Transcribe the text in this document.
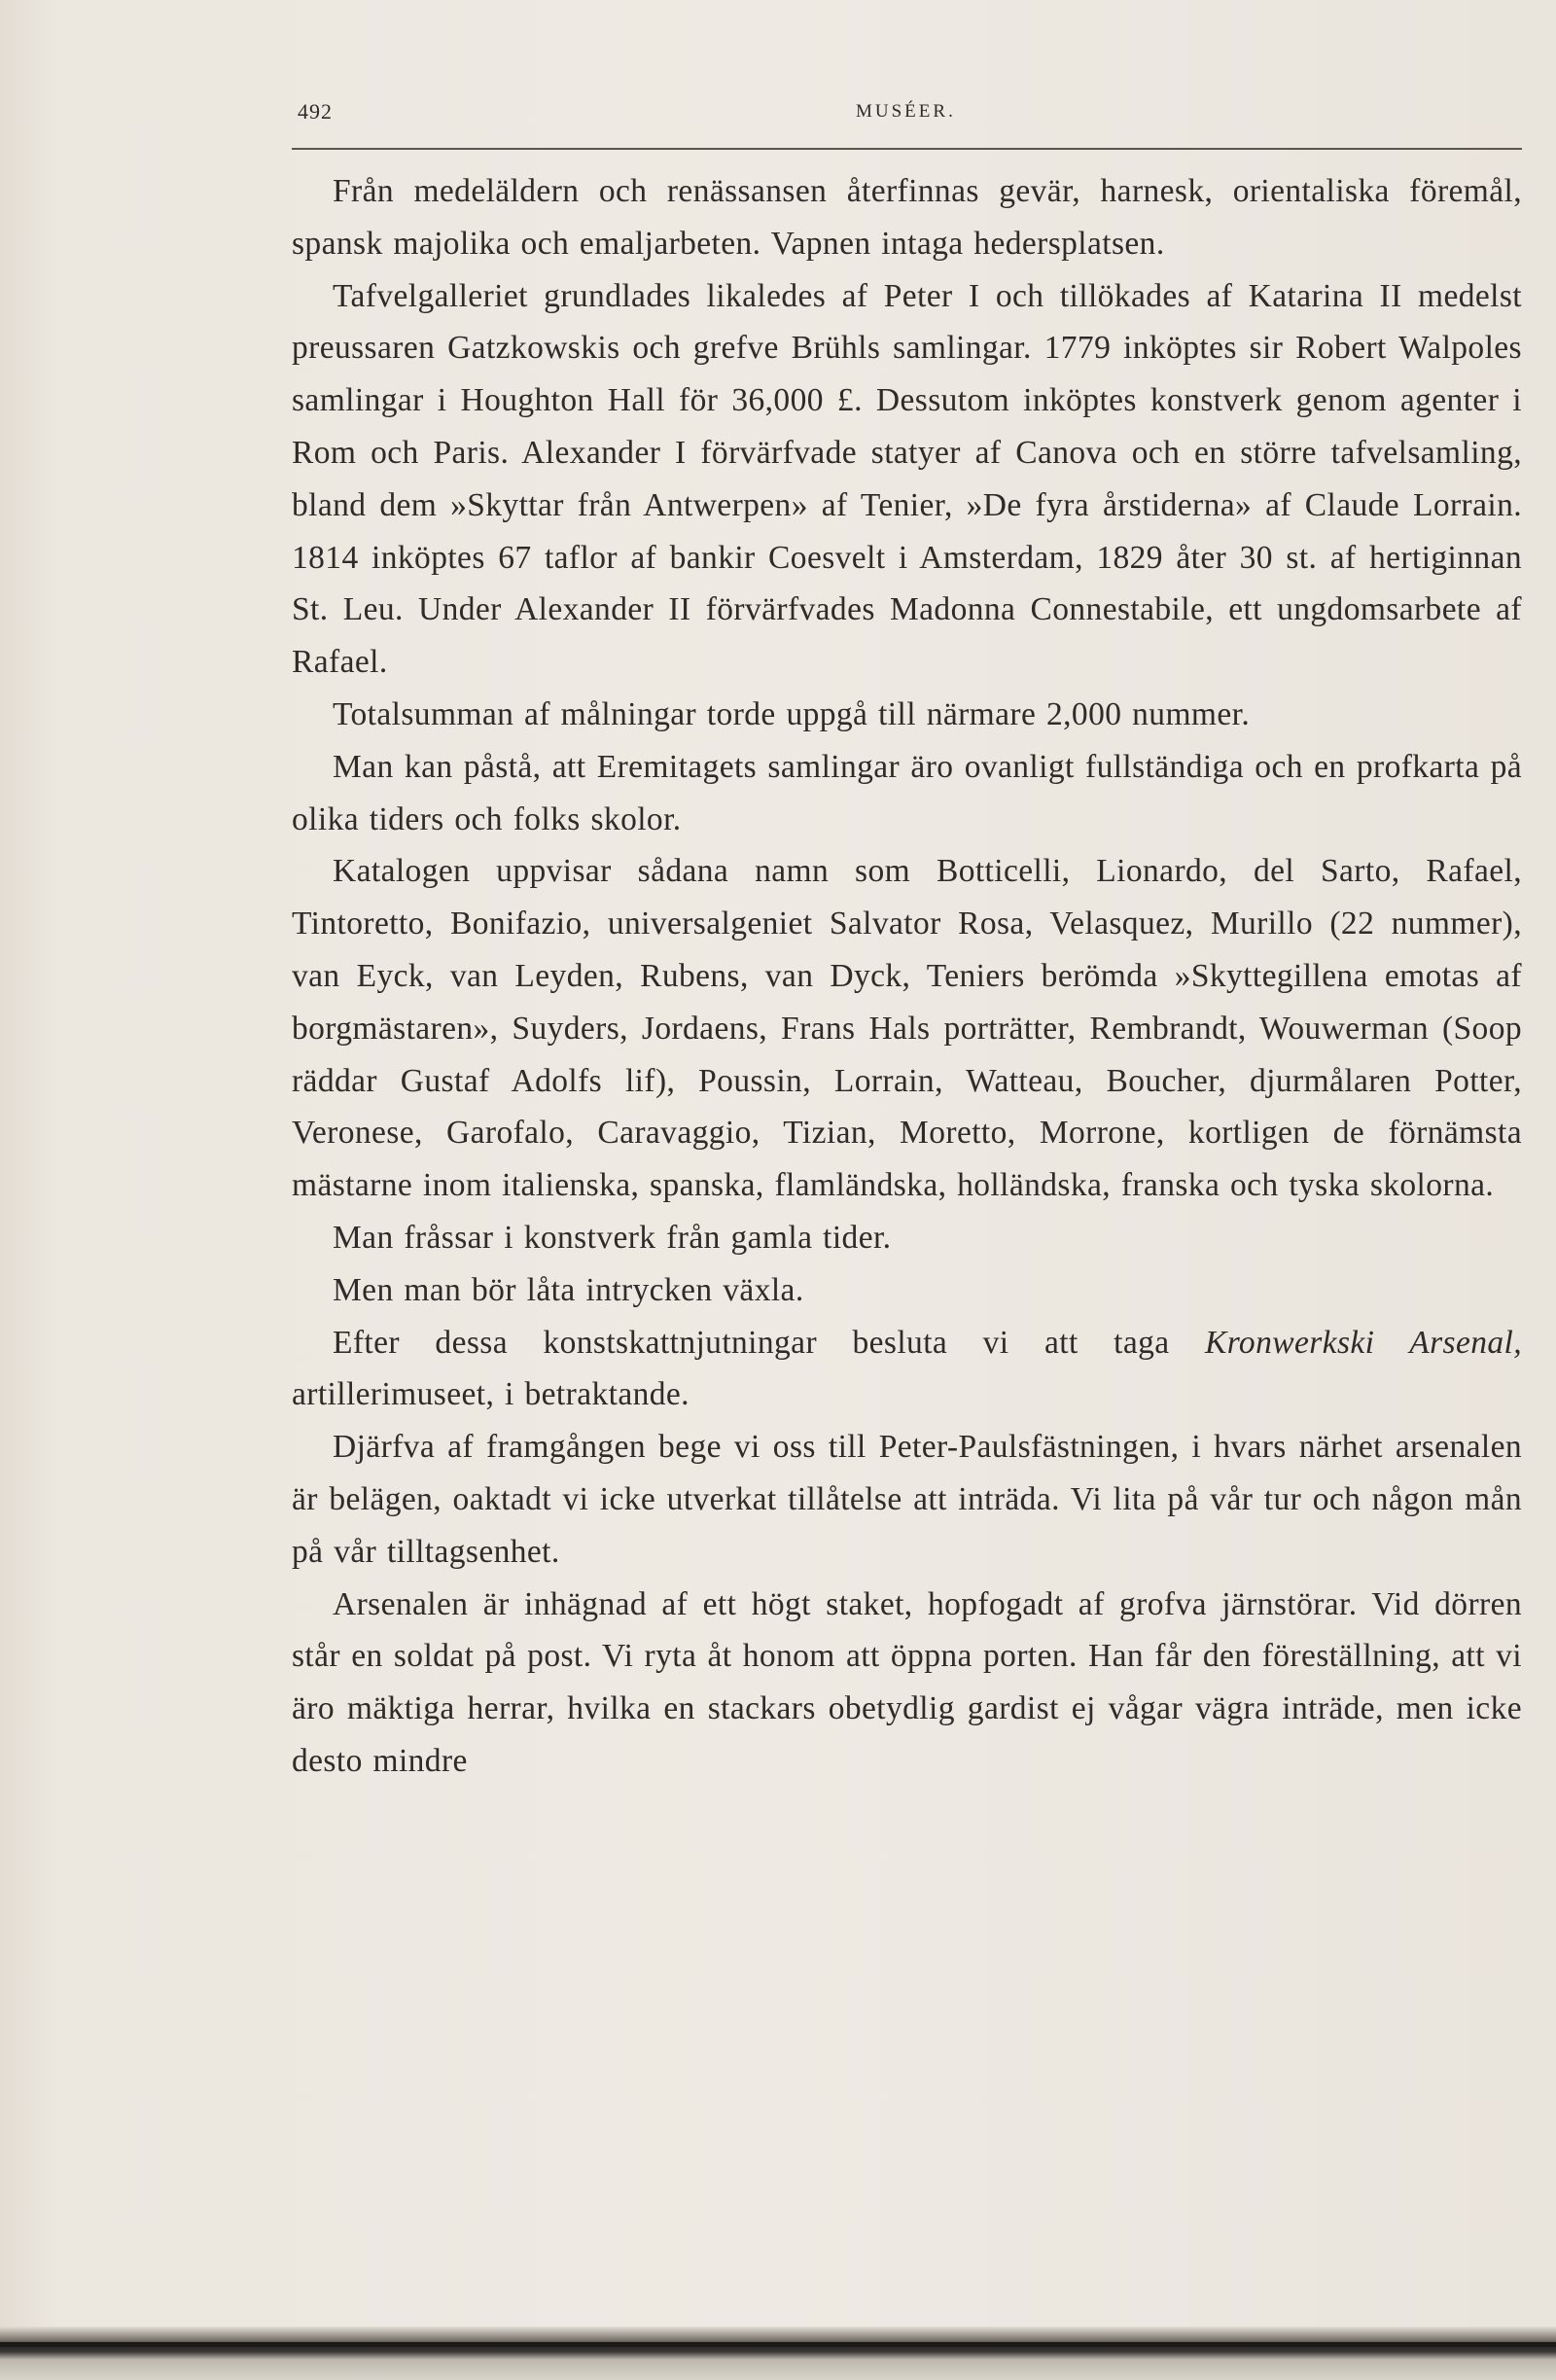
492	MUSÉER.

Från medeläldern och renässansen återfinnas gevär, harnesk, orientaliska föremål, spansk majolika och emaljarbeten. Vapnen intaga hedersplatsen.

Tafvelgalleriet grundlades likaledes af Peter I och tillökades af Katarina II medelst preussaren Gatzkowskis och grefve Brühls samlingar. 1779 inköptes sir Robert Walpoles samlingar i Houghton Hall för 36,000 £. Dessutom inköptes konstverk genom agenter i Rom och Paris. Alexander I förvärfvade statyer af Canova och en större tafvelsamling, bland dem »Skyttar från Antwerpen» af Tenier, »De fyra årstiderna» af Claude Lorrain. 1814 inköptes 67 taflor af bankir Coesvelt i Amsterdam, 1829 åter 30 st. af hertiginnan St. Leu. Under Alexander II förvärfvades Madonna Connestabile, ett ungdomsarbete af Rafael.

Totalsumman af målningar torde uppgå till närmare 2,000 nummer.

Man kan påstå, att Eremitagets samlingar äro ovanligt fullständiga och en profkarta på olika tiders och folks skolor.

Katalogen uppvisar sådana namn som Botticelli, Lionardo, del Sarto, Rafael, Tintoretto, Bonifazio, universalgeniet Salvator Rosa, Velasquez, Murillo (22 nummer), van Eyck, van Leyden, Rubens, van Dyck, Teniers berömda »Skyttegillena emotas af borgmästaren», Suyders, Jordaens, Frans Hals porträtter, Rembrandt, Wouwerman (Soop räddar Gustaf Adolfs lif), Poussin, Lorrain, Watteau, Boucher, djurmålaren Potter, Veronese, Garofalo, Caravaggio, Tizian, Moretto, Morrone, kortligen de förnämsta mästarne inom italienska, spanska, flamländska, holländska, franska och tyska skolorna.

Man fråssar i konstverk från gamla tider.

Men man bör låta intrycken växla.

Efter dessa konstskattnjutningar besluta vi att taga Kronwerkski Arsenal, artillerimuseet, i betraktande.

Djärfva af framgången bege vi oss till Peter-Paulsfästningen, i hvars närhet arsenalen är belägen, oaktadt vi icke utverkat tillåtelse att inträda. Vi lita på vår tur och någon mån på vår tilltagsenhet.

Arsenalen är inhägnad af ett högt staket, hopfogadt af grofva järnstörar. Vid dörren står en soldat på post. Vi ryta åt honom att öppna porten. Han får den föreställning, att vi äro mäktiga herrar, hvilka en stackars obetydlig gardist ej vågar vägra inträde, men icke desto mindre
